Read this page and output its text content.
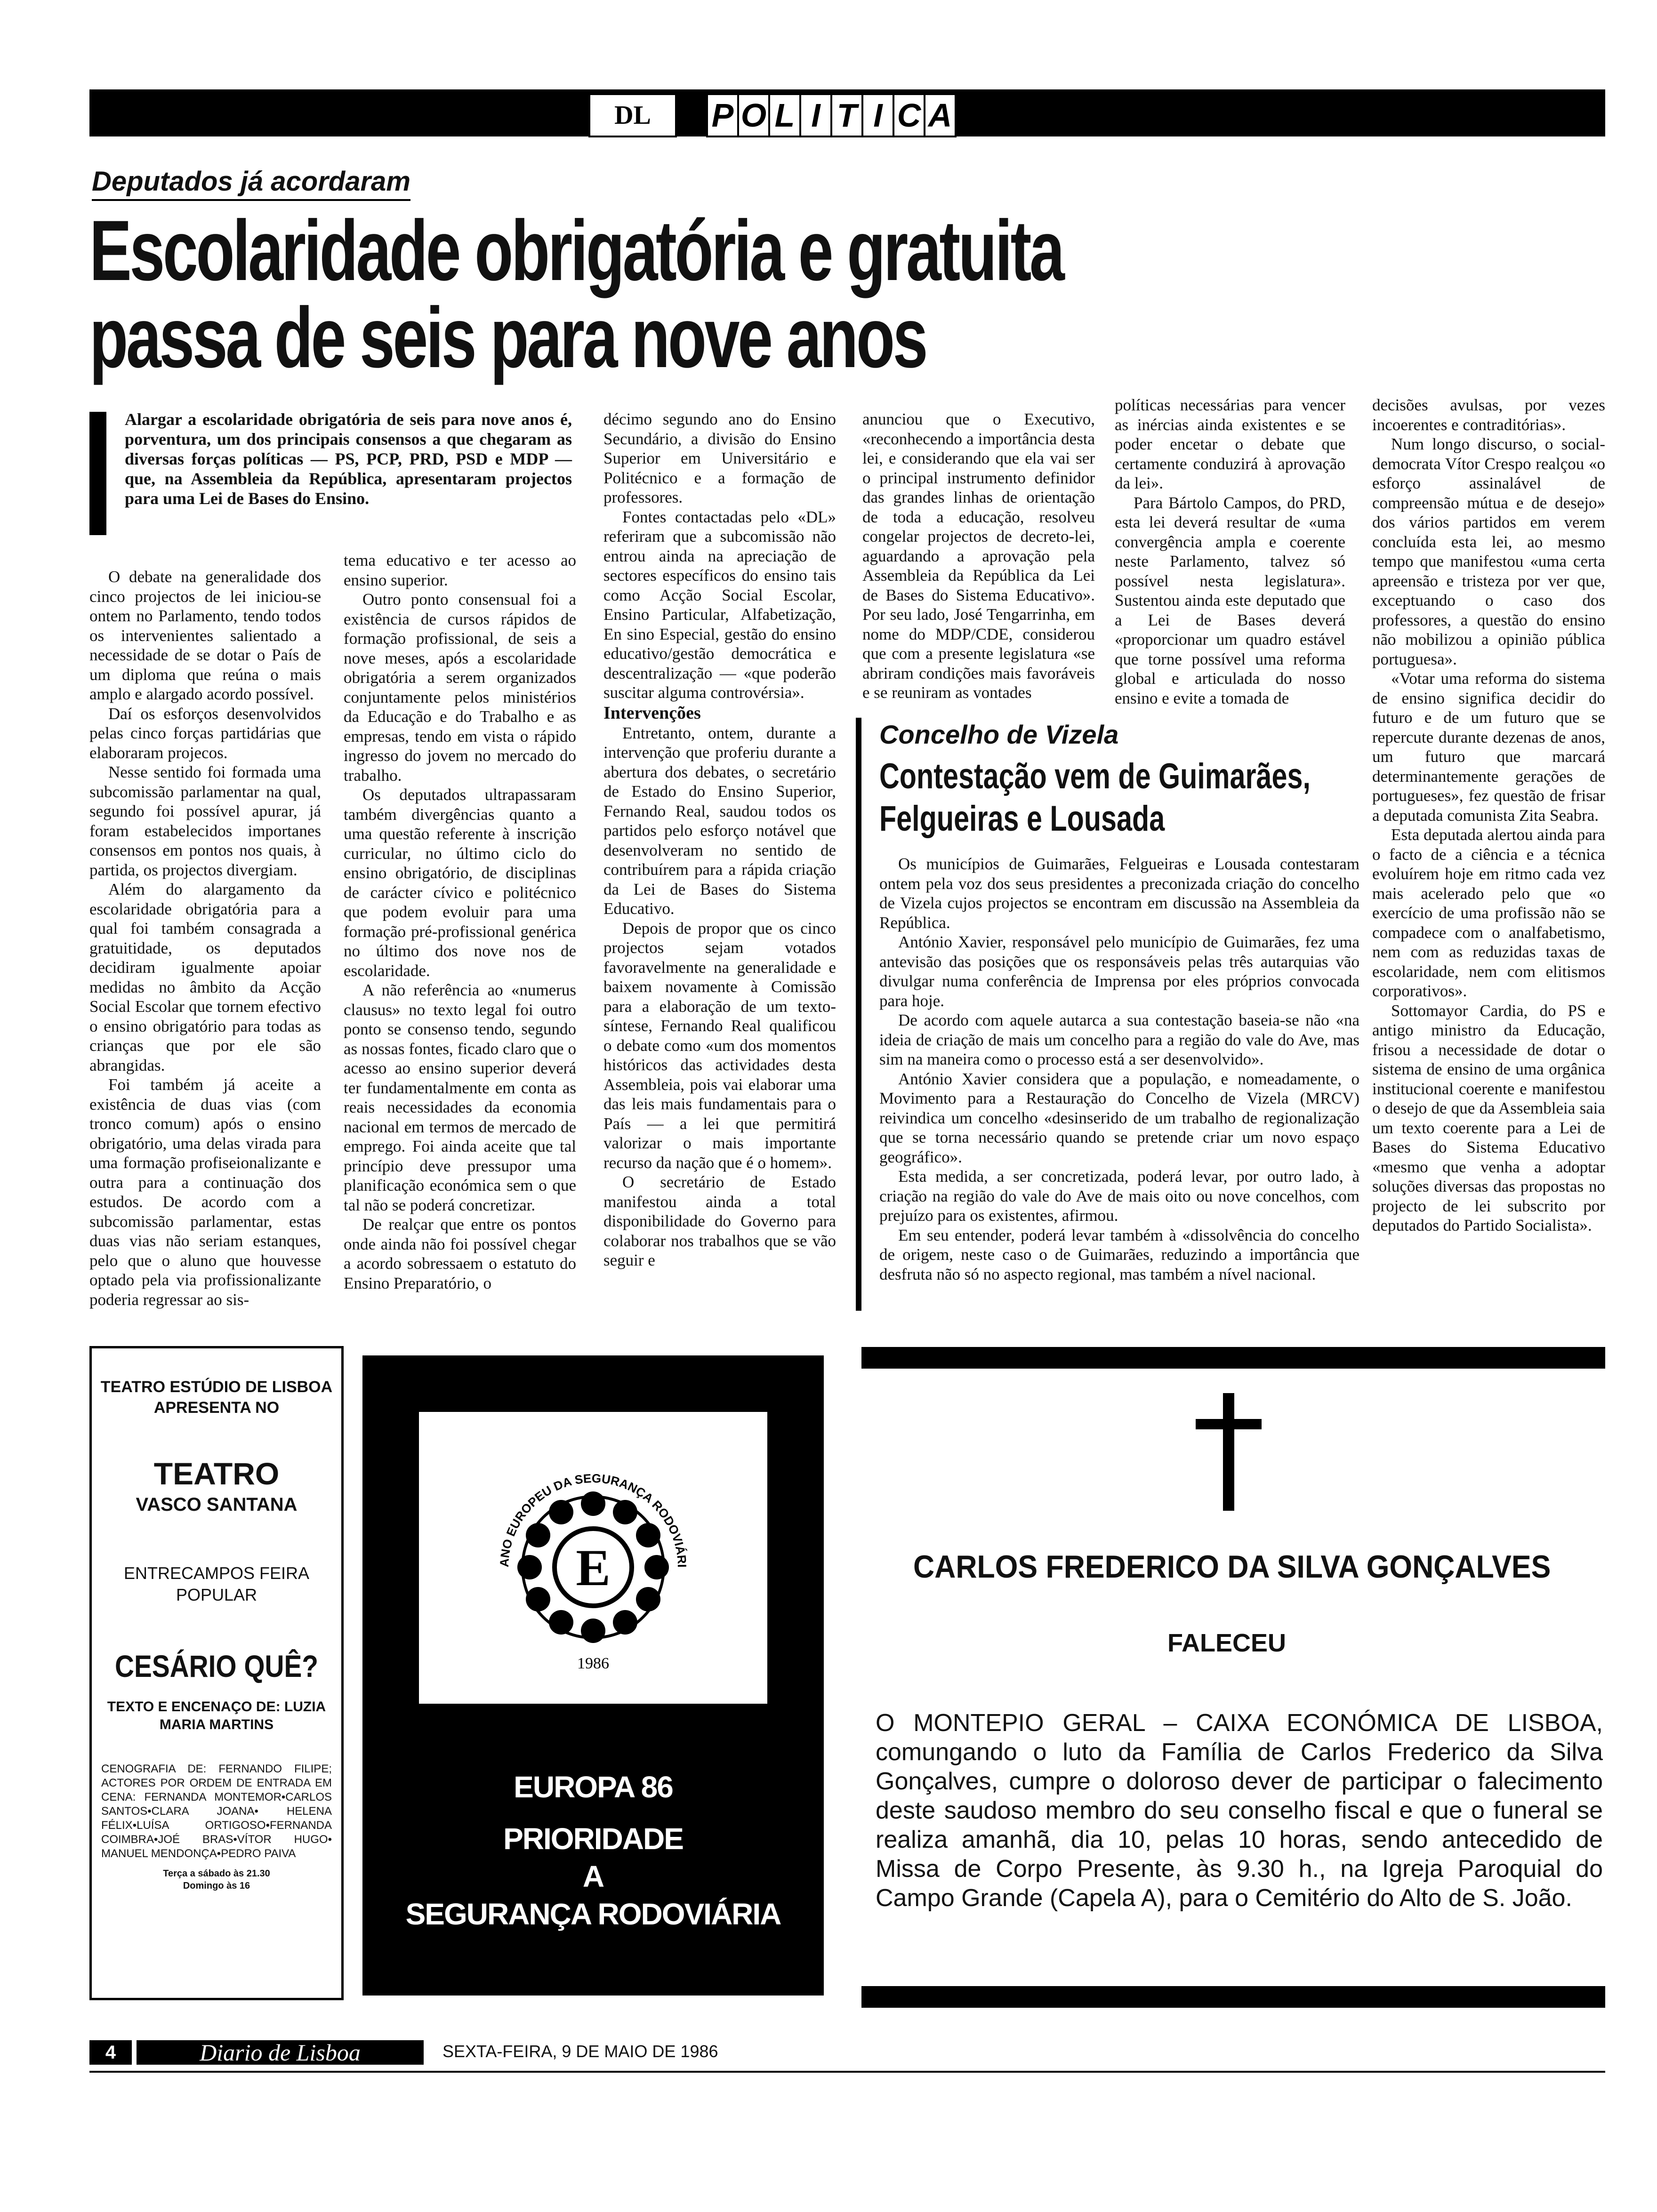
DL	P O L I T I C A
Deputados já acordaram
Escolaridade obrigatória e gratuita
passa de seis para nove anos
Alargar a escolaridade obrigatória de seis para nove anos é, porventura, um dos principais consensos a que chegaram as diversas forças políticas — PS, PCP, PRD, PSD e MDP — que, na Assembleia da República, apresentaram projectos para uma Lei de Bases do Ensino.

O debate na generalidade dos cinco projectos de lei iniciou-se ontem no Parlamento, tendo todos os intervenientes salientado a necessidade de se dotar o País de um diploma que reúna o mais amplo e alargado acordo possível.

Daí os esforços desenvolvidos pelas cinco forças partidárias que elaboraram projecos.

Nesse sentido foi formada uma subcomissão parlamentar na qual, segundo foi possível apurar, já foram estabelecidos importanes consensos em pontos nos quais, à partida, os projectos divergiam.

Além do alargamento da escolaridade obrigatória para a qual foi também consagrada a gratuitidade, os deputados decidiram igualmente apoiar medidas no âmbito da Acção Social Escolar que tornem efectivo o ensino obrigatório para todas as crianças que por ele são abrangidas.

Foi também já aceite a existência de duas vias (com tronco comum) após o ensino obrigatório, uma delas virada para uma formação profiseionalizante e outra para a continuação dos estudos. De acordo com a subcomissão parlamentar, estas duas vias não seriam estanques, pelo que o aluno que houvesse optado pela via profissionalizante poderia regressar ao sis-

tema educativo e ter acesso ao ensino superior.

Outro ponto consensual foi a existência de cursos rápidos de formação profissional, de seis a nove meses, após a escolaridade obrigatória a serem organizados conjuntamente pelos ministérios da Educação e do Trabalho e as empresas, tendo em vista o rápido ingresso do jovem no mercado do trabalho.

Os deputados ultrapassaram também divergências quanto a uma questão referente à inscrição curricular, no último ciclo do ensino obrigatório, de disciplinas de carácter cívico e politécnico que podem evoluir para uma formação pré-profissional genérica no último dos nove nos de escolaridade.

A não referência ao «numerus clausus» no texto legal foi outro ponto se consenso tendo, segundo as nossas fontes, ficado claro que o acesso ao ensino superior deverá ter fundamentalmente em conta as reais necessidades da economia nacional em termos de mercado de emprego. Foi ainda aceite que tal princípio deve pressupor uma planificação económica sem o que tal não se poderá concretizar.

De realçar que entre os pontos onde ainda não foi possível chegar a acordo sobressaem o estatuto do Ensino Preparatório, o

décimo segundo ano do Ensino Secundário, a divisão do Ensino Superior em Universitário e Politécnico e a formação de professores.

Fontes contactadas pelo «DL» referiram que a subcomissão não entrou ainda na apreciação de sectores específicos do ensino tais como Acção Social Escolar, Ensino Particular, Alfabetização, En sino Especial, gestão do ensino educativo/gestão democrática e descentralização — «que poderão suscitar alguma controvérsia».

Intervenções

Entretanto, ontem, durante a intervenção que proferiu durante a abertura dos debates, o secretário de Estado do Ensino Superior, Fernando Real, saudou todos os partidos pelo esforço notável que desenvolveram no sentido de contribuírem para a rápida criação da Lei de Bases do Sistema Educativo.

Depois de propor que os cinco projectos sejam votados favoravelmente na generalidade e baixem novamente à Comissão para a elaboração de um texto-síntese, Fernando Real qualificou o debate como «um dos momentos históricos das actividades desta Assembleia, pois vai elaborar uma das leis mais fundamentais para o País — a lei que permitirá valorizar o mais importante recurso da nação que é o homem».

O secretário de Estado manifestou ainda a total disponibilidade do Governo para colaborar nos trabalhos que se vão seguir e

anunciou que o Executivo, «reconhecendo a importância desta lei, e considerando que ela vai ser o principal instrumento definidor das grandes linhas de orientação de toda a educação, resolveu congelar projectos de decreto-lei, aguardando a aprovação pela Assembleia da República da Lei de Bases do Sistema Educativo». Por seu lado, José Tengarrinha, em nome do MDP/CDE, considerou que com a presente legislatura «se abriram condições mais favoráveis e se reuniram as vontades

políticas necessárias para vencer as inércias ainda existentes e se poder encetar o debate que certamente conduzirá à aprovação da lei».

Para Bártolo Campos, do PRD, esta lei deverá resultar de «uma convergência ampla e coerente neste Parlamento, talvez só possível nesta legislatura». Sustentou ainda este deputado que a Lei de Bases deverá «proporcionar um quadro estável que torne possível uma reforma global e articulada do nosso ensino e evite a tomada de

decisões avulsas, por vezes incoerentes e contraditórias».

Num longo discurso, o social-democrata Vítor Crespo realçou «o esforço assinalável de compreensão mútua e de desejo» dos vários partidos em verem concluída esta lei, ao mesmo tempo que manifestou «uma certa apreensão e tristeza por ver que, exceptuando o caso dos professores, a questão do ensino não mobilizou a opinião pública portuguesa».

«Votar uma reforma do sistema de ensino significa decidir do futuro e de um futuro que se repercute durante dezenas de anos, um futuro que marcará determinantemente gerações de portugueses», fez questão de frisar a deputada comunista Zita Seabra.

Esta deputada alertou ainda para o facto de a ciência e a técnica evoluírem hoje em ritmo cada vez mais acelerado pelo que «o exercício de uma profissão não se compadece com o analfabetismo, nem com as reduzidas taxas de escolaridade, nem com elitismos corporativos».

Sottomayor Cardia, do PS e antigo ministro da Educação, frisou a necessidade de dotar o sistema de ensino de uma orgânica institucional coerente e manifestou o desejo de que da Assembleia saia um texto coerente para a Lei de Bases do Sistema Educativo «mesmo que venha a adoptar soluções diversas das propostas no projecto de lei subscrito por deputados do Partido Socialista».

Concelho de Vizela
Contestação vem de Guimarães,
Felgueiras e Lousada

Os municípios de Guimarães, Felgueiras e Lousada contestaram ontem pela voz dos seus presidentes a preconizada criação do concelho de Vizela cujos projectos se encontram em discussão na Assembleia da República.

António Xavier, responsável pelo município de Guimarães, fez uma antevisão das posições que os responsáveis pelas três autarquias vão divulgar numa conferência de Imprensa por eles próprios convocada para hoje.

De acordo com aquele autarca a sua contestação baseia-se não «na ideia de criação de mais um concelho para a região do vale do Ave, mas sim na maneira como o processo está a ser desenvolvido».

António Xavier considera que a população, e nomeadamente, o Movimento para a Restauração do Concelho de Vizela (MRCV) reivindica um concelho «desinserido de um trabalho de regionalização que se torna necessário quando se pretende criar um novo espaço geográfico».

Esta medida, a ser concretizada, poderá levar, por outro lado, à criação na região do vale do Ave de mais oito ou nove concelhos, com prejuízo para os existentes, afirmou.

Em seu entender, poderá levar também à «dissolvência do concelho de origem, neste caso o de Guimarães, reduzindo a importância que desfruta não só no aspecto regional, mas também a nível nacional.

TEATRO ESTÚDIO DE LISBOA APRESENTA NO
TEATRO
VASCO SANTANA
ENTRECAMPOS FEIRA POPULAR
CESÁRIO QUÊ?
TEXTO E ENCENAÇO DE: LUZIA MARIA MARTINS
CENOGRAFIA DE: FERNANDO FILIPE; ACTORES POR ORDEM DE ENTRADA EM CENA: FERNANDA MONTEMOR•CARLOS SANTOS•CLARA JOANA• HELENA FÉLIX•LUÍSA ORTIGOSO•FERNANDA COIMBRA•JOÉ BRAS•VÍTOR HUGO• MANUEL MENDONÇA•PEDRO PAIVA
Terça a sábado às 21.30
Domingo às 16
ANO EUROPEU DA SEGURANÇA RODOVIÁRI
E
1986
EUROPA 86
PRIORIDADE
A
SEGURANÇA RODOVIÁRIA
CARLOS FREDERICO DA SILVA GONÇALVES
FALECEU
O MONTEPIO GERAL – CAIXA ECONÓMICA DE LISBOA, comungando o luto da Família de Carlos Frederico da Silva Gonçalves, cumpre o doloroso dever de participar o falecimento deste saudoso membro do seu conselho fiscal e que o funeral se realiza amanhã, dia 10, pelas 10 horas, sendo antecedido de Missa de Corpo Presente, às 9.30 h., na Igreja Paroquial do Campo Grande (Capela A), para o Cemitério do Alto de S. João.
4	Diario de Lisboa	SEXTA-FEIRA, 9 DE MAIO DE 1986
